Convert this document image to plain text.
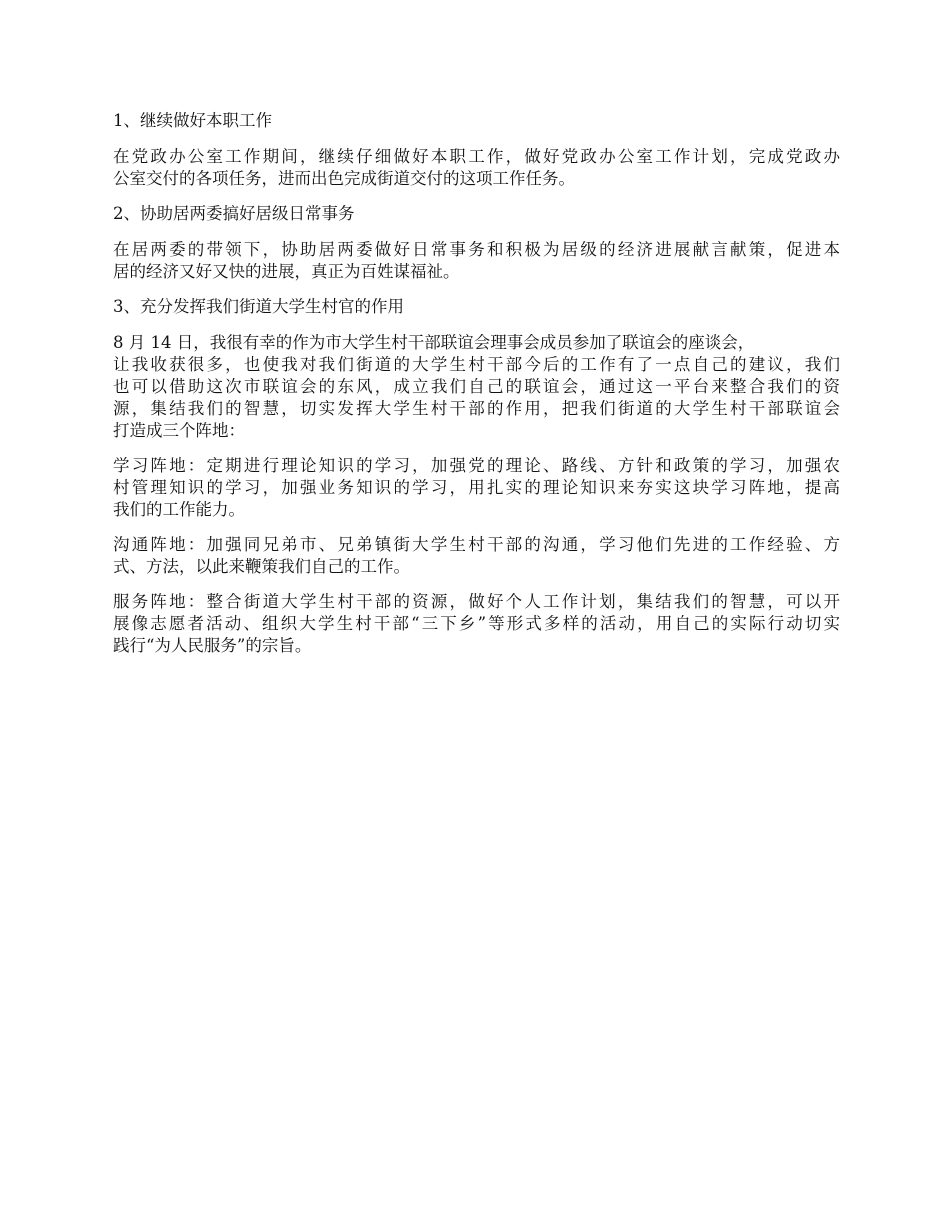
1、继续做好本职工作
在党政办公室工作期间，继续仔细做好本职工作，做好党政办公室工作计划，完成党政办
公室交付的各项任务，进而出色完成街道交付的这项工作任务。
2、协助居两委搞好居级日常事务
在居两委的带领下，协助居两委做好日常事务和积极为居级的经济进展献言献策，促进本
居的经济又好又快的进展，真正为百姓谋福祉。
3、充分发挥我们街道大学生村官的作用
8 月 14 日，我很有幸的作为市大学生村干部联谊会理事会成员参加了联谊会的座谈会，
让我收获很多，也使我对我们街道的大学生村干部今后的工作有了一点自己的建议，我们
也可以借助这次市联谊会的东风，成立我们自己的联谊会，通过这一平台来整合我们的资
源，集结我们的智慧，切实发挥大学生村干部的作用，把我们街道的大学生村干部联谊会
打造成三个阵地：
学习阵地：定期进行理论知识的学习，加强党的理论、路线、方针和政策的学习，加强农
村管理知识的学习，加强业务知识的学习，用扎实的理论知识来夯实这块学习阵地，提高
我们的工作能力。
沟通阵地：加强同兄弟市、兄弟镇街大学生村干部的沟通，学习他们先进的工作经验、方
式、方法，以此来鞭策我们自己的工作。
服务阵地：整合街道大学生村干部的资源，做好个人工作计划，集结我们的智慧，可以开
展像志愿者活动、组织大学生村干部“三下乡”等形式多样的活动，用自己的实际行动切实
践行“为人民服务”的宗旨。
